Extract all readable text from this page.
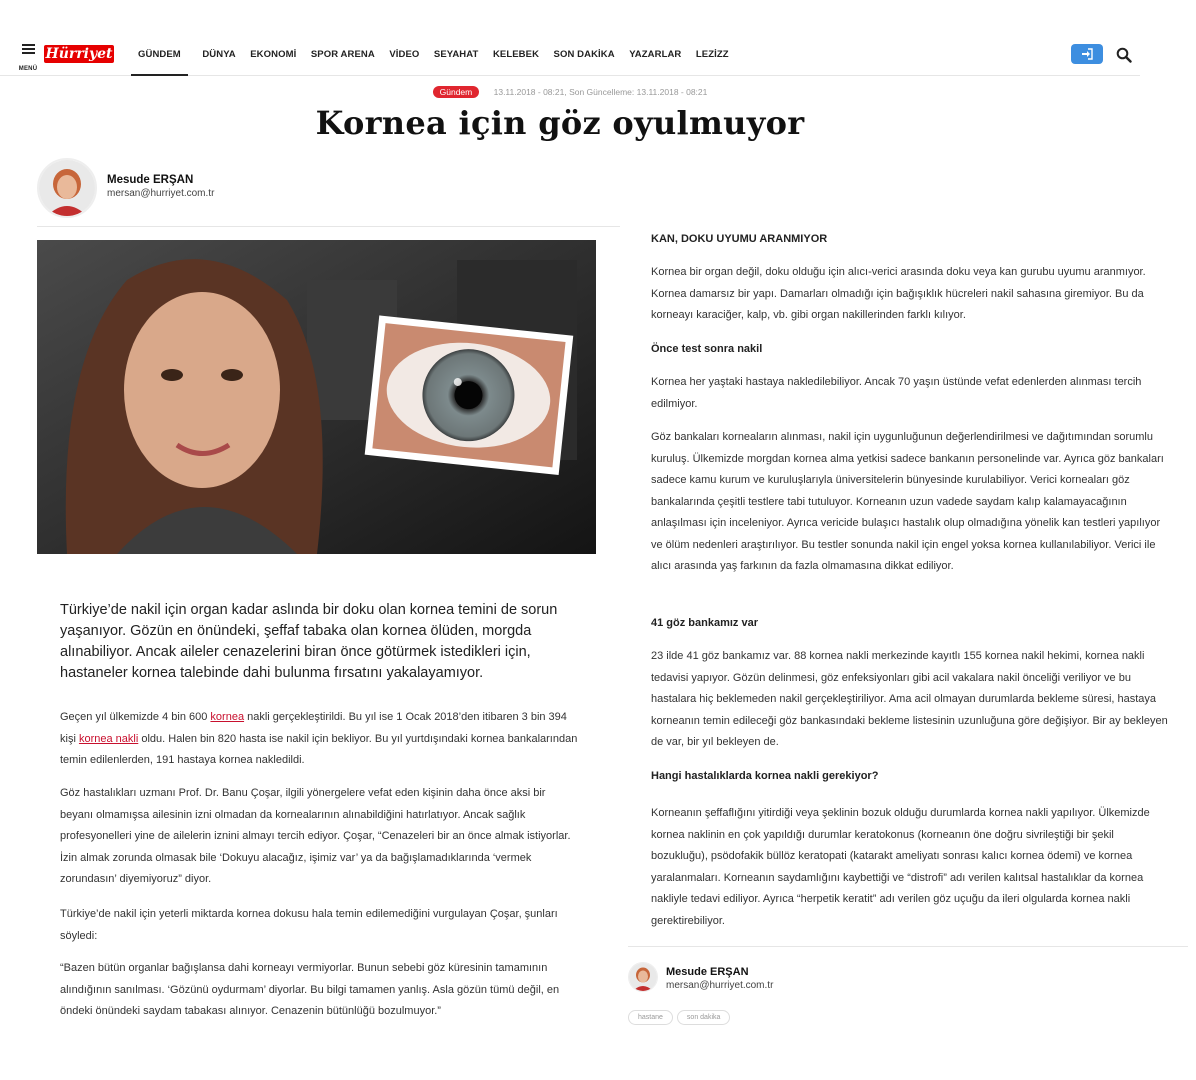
MENÜ
Hürriyet	GÜNDEM	DÜNYA EKONOMİ SPOR ARENA VİDEO SEYAHAT KELEBEK SON DAKİKA YAZARLAR LEZİZZ
Gündem	13.11.2018 - 08:21, Son Güncelleme: 13.11.2018 - 08:21
Kornea için göz oyulmuyor
Mesude ERŞAN
mersan@hurriyet.com.tr

Türkiye’de nakil için organ kadar aslında bir doku olan kornea temini de sorun yaşanıyor. Gözün en önündeki, şeffaf tabaka olan kornea ölüden, morgda alınabiliyor. Ancak aileler cenazelerini biran önce götürmek istedikleri için, hastaneler kornea talebinde dahi bulunma fırsatını yakalayamıyor.

Geçen yıl ülkemizde 4 bin 600 kornea nakli gerçekleştirildi. Bu yıl ise 1 Ocak 2018’den itibaren 3 bin 394 kişi kornea nakli oldu. Halen bin 820 hasta ise nakil için bekliyor. Bu yıl yurtdışındaki kornea bankalarından temin edilenlerden, 191 hastaya kornea nakledildi.

Göz hastalıkları uzmanı Prof. Dr. Banu Çoşar, ilgili yönergelere vefat eden kişinin daha önce aksi bir beyanı olmamışsa ailesinin izni olmadan da kornealarının alınabildiğini hatırlatıyor. Ancak sağlık profesyonelleri yine de ailelerin iznini almayı tercih ediyor. Çoşar, “Cenazeleri bir an önce almak istiyorlar. İzin almak zorunda olmasak bile ‘Dokuyu alacağız, işimiz var’ ya da bağışlamadıklarında ‘vermek zorundasın’ diyemiyoruz” diyor.

Türkiye’de nakil için yeterli miktarda kornea dokusu hala temin edilemediğini vurgulayan Çoşar, şunları söyledi:

“Bazen bütün organlar bağışlansa dahi korneayı vermiyorlar. Bunun sebebi göz küresinin tamamının alındığının sanılması. ‘Gözünü oydurmam’ diyorlar. Bu bilgi tamamen yanlış. Asla gözün tümü değil, en öndeki önündeki saydam tabakası alınıyor. Cenazenin bütünlüğü bozulmuyor.”

KAN, DOKU UYUMU ARANMIYOR

Kornea bir organ değil, doku olduğu için alıcı-verici arasında doku veya kan gurubu uyumu aranmıyor. Kornea damarsız bir yapı. Damarları olmadığı için bağışıklık hücreleri nakil sahasına giremiyor. Bu da korneayı karaciğer, kalp, vb. gibi organ nakillerinden farklı kılıyor.

Önce test sonra nakil

Kornea her yaştaki hastaya nakledilebiliyor. Ancak 70 yaşın üstünde vefat edenlerden alınması tercih edilmiyor.

Göz bankaları korneaların alınması, nakil için uygunluğunun değerlendirilmesi ve dağıtımından sorumlu kuruluş. Ülkemizde morgdan kornea alma yetkisi sadece bankanın personelinde var. Ayrıca göz bankaları sadece kamu kurum ve kuruluşlarıyla üniversitelerin bünyesinde kurulabiliyor. Verici korneaları göz bankalarında çeşitli testlere tabi tutuluyor. Korneanın uzun vadede saydam kalıp kalamayacağının anlaşılması için inceleniyor. Ayrıca vericide bulaşıcı hastalık olup olmadığına yönelik kan testleri yapılıyor ve ölüm nedenleri araştırılıyor. Bu testler sonunda nakil için engel yoksa kornea kullanılabiliyor. Verici ile alıcı arasında yaş farkının da fazla olmamasına dikkat ediliyor.

41 göz bankamız var

23 ilde 41 göz bankamız var. 88 kornea nakli merkezinde kayıtlı 155 kornea nakil hekimi, kornea nakli tedavisi yapıyor. Gözün delinmesi, göz enfeksiyonları gibi acil vakalara nakil önceliği veriliyor ve bu hastalara hiç beklemeden nakil gerçekleştiriliyor. Ama acil olmayan durumlarda bekleme süresi, hastaya korneanın temin edileceği göz bankasındaki bekleme listesinin uzunluğuna göre değişiyor. Bir ay bekleyen de var, bir yıl bekleyen de.

Hangi hastalıklarda kornea nakli gerekiyor?

Korneanın şeffaflığını yitirdiği veya şeklinin bozuk olduğu durumlarda kornea nakli yapılıyor. Ülkemizde kornea naklinin en çok yapıldığı durumlar keratokonus (korneanın öne doğru sivrileştiği bir şekil bozukluğu), psödofakik büllöz keratopati (katarakt ameliyatı sonrası kalıcı kornea ödemi) ve kornea yaralanmaları. Korneanın saydamlığını kaybettiği ve “distrofi” adı verilen kalıtsal hastalıklar da kornea nakliyle tedavi ediliyor. Ayrıca “herpetik keratit” adı verilen göz uçuğu da ileri olgularda kornea nakli gerektirebiliyor.

Mesude ERŞAN
mersan@hurriyet.com.tr
hastane	son dakika
